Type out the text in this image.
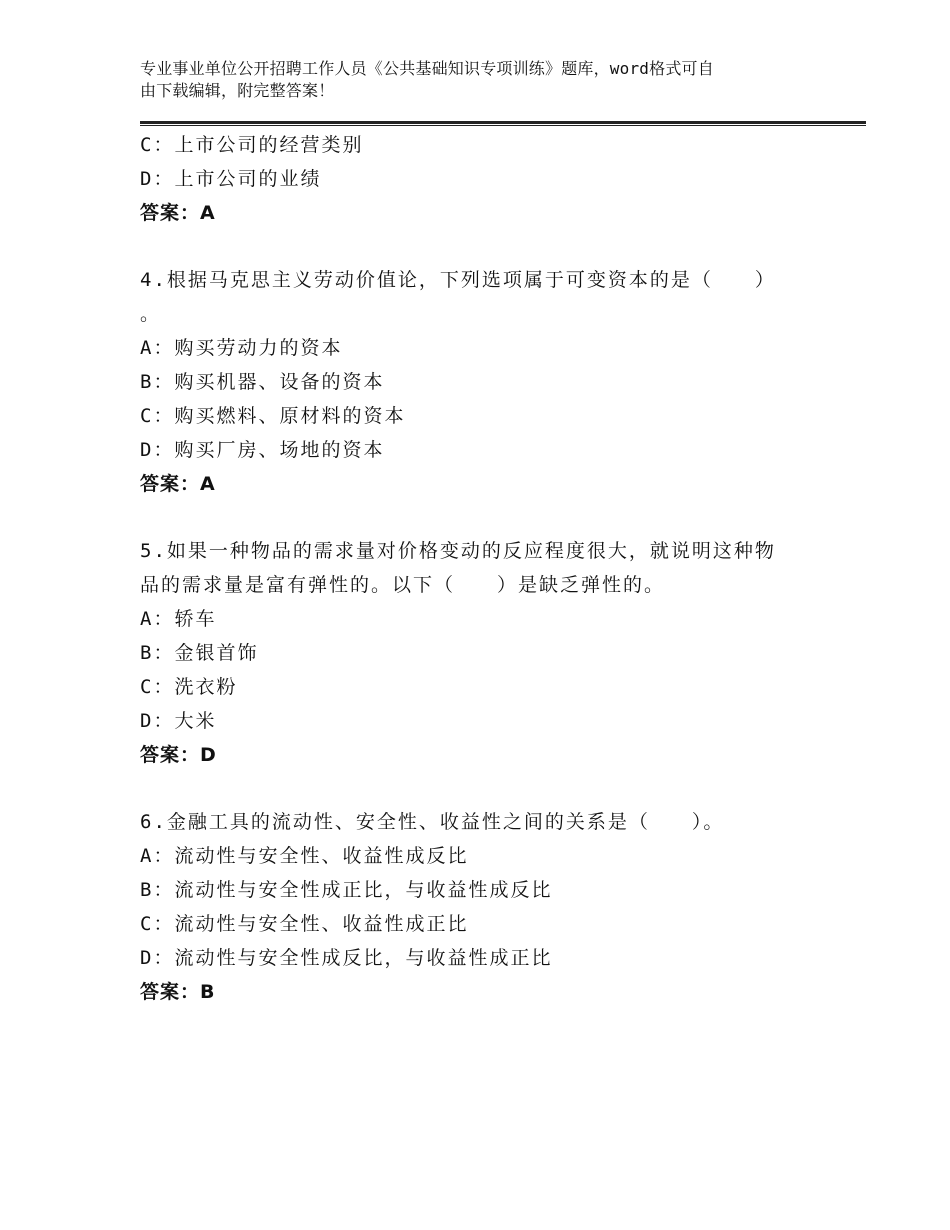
专业事业单位公开招聘工作人员《公共基础知识专项训练》题库，word格式可自
由下载编辑，附完整答案！
C：上市公司的经营类别
D：上市公司的业绩
答案：A
4.根据马克思主义劳动价值论，下列选项属于可变资本的是（　　）
。
A：购买劳动力的资本
B：购买机器、设备的资本
C：购买燃料、原材料的资本
D：购买厂房、场地的资本
答案：A
5.如果一种物品的需求量对价格变动的反应程度很大，就说明这种物
品的需求量是富有弹性的。以下（　　）是缺乏弹性的。
A：轿车
B：金银首饰
C：洗衣粉
D：大米
答案：D
6.金融工具的流动性、安全性、收益性之间的关系是（　　）。
A：流动性与安全性、收益性成反比
B：流动性与安全性成正比，与收益性成反比
C：流动性与安全性、收益性成正比
D：流动性与安全性成反比，与收益性成正比
答案：B
